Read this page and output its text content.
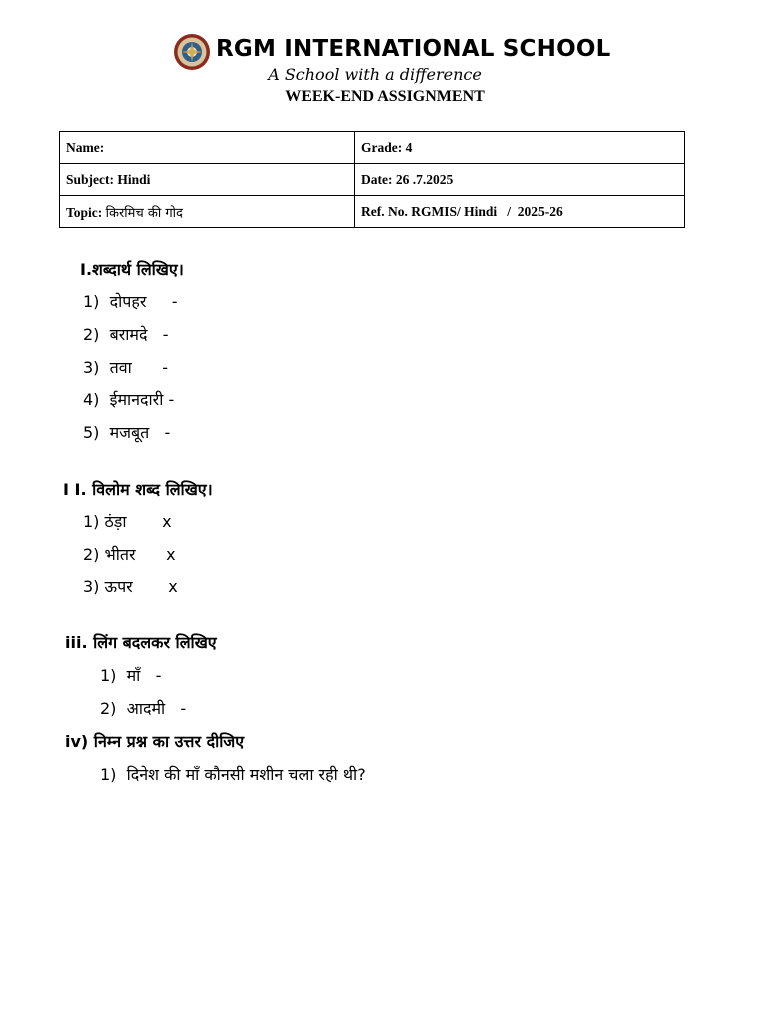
RGM INTERNATIONAL SCHOOL
A School with a difference
WEEK-END ASSIGNMENT
Name:	Grade: 4
Subject: Hindi	Date: 26 .7.2025
Topic: किरमिच की गोद	Ref. No. RGMIS/ Hindi   /  2025-26
I.शब्दार्थ लिखिए।
1)  दोपहर     -
2)  बरामदे   -
3)  तवा      -
4)  ईमानदारी -
5)  मजबूत   -
I I. विलोम शब्द लिखिए।
1) ठंड़ा       x
2) भीतर      x
3) ऊपर       x
iii. लिंग बदलकर लिखिए
1)  माँ   -
2)  आदमी   -
iv) निम्न प्रश्न का उत्तर दीजिए
1)  दिनेश की माँ कौनसी मशीन चला रही थी?
